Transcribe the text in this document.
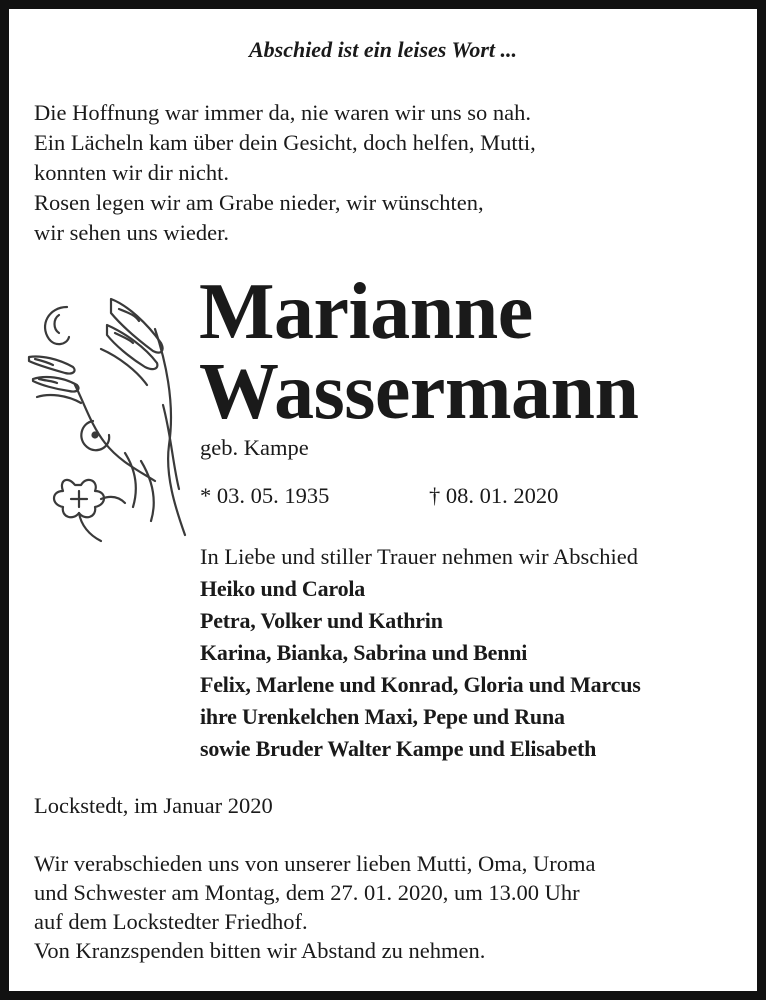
Abschied ist ein leises Wort ...

Die Hoffnung war immer da, nie waren wir uns so nah.

Ein Lächeln kam über dein Gesicht, doch helfen, Mutti,

konnten wir dir nicht.

Rosen legen wir am Grabe nieder, wir wünschten,

wir sehen uns wieder.

Marianne

Wassermann

geb. Kampe

* 03. 05. 1935	† 08. 01. 2020

In Liebe und stiller Trauer nehmen wir Abschied

Heiko und Carola

Petra, Volker und Kathrin

Karina, Bianka, Sabrina und Benni

Felix, Marlene und Konrad, Gloria und Marcus

ihre Urenkelchen Maxi, Pepe und Runa

sowie Bruder Walter Kampe und Elisabeth

Lockstedt, im Januar 2020

Wir verabschieden uns von unserer lieben Mutti, Oma, Uroma

und Schwester am Montag, dem 27. 01. 2020, um 13.00 Uhr

auf dem Lockstedter Friedhof.

Von Kranzspenden bitten wir Abstand zu nehmen.
